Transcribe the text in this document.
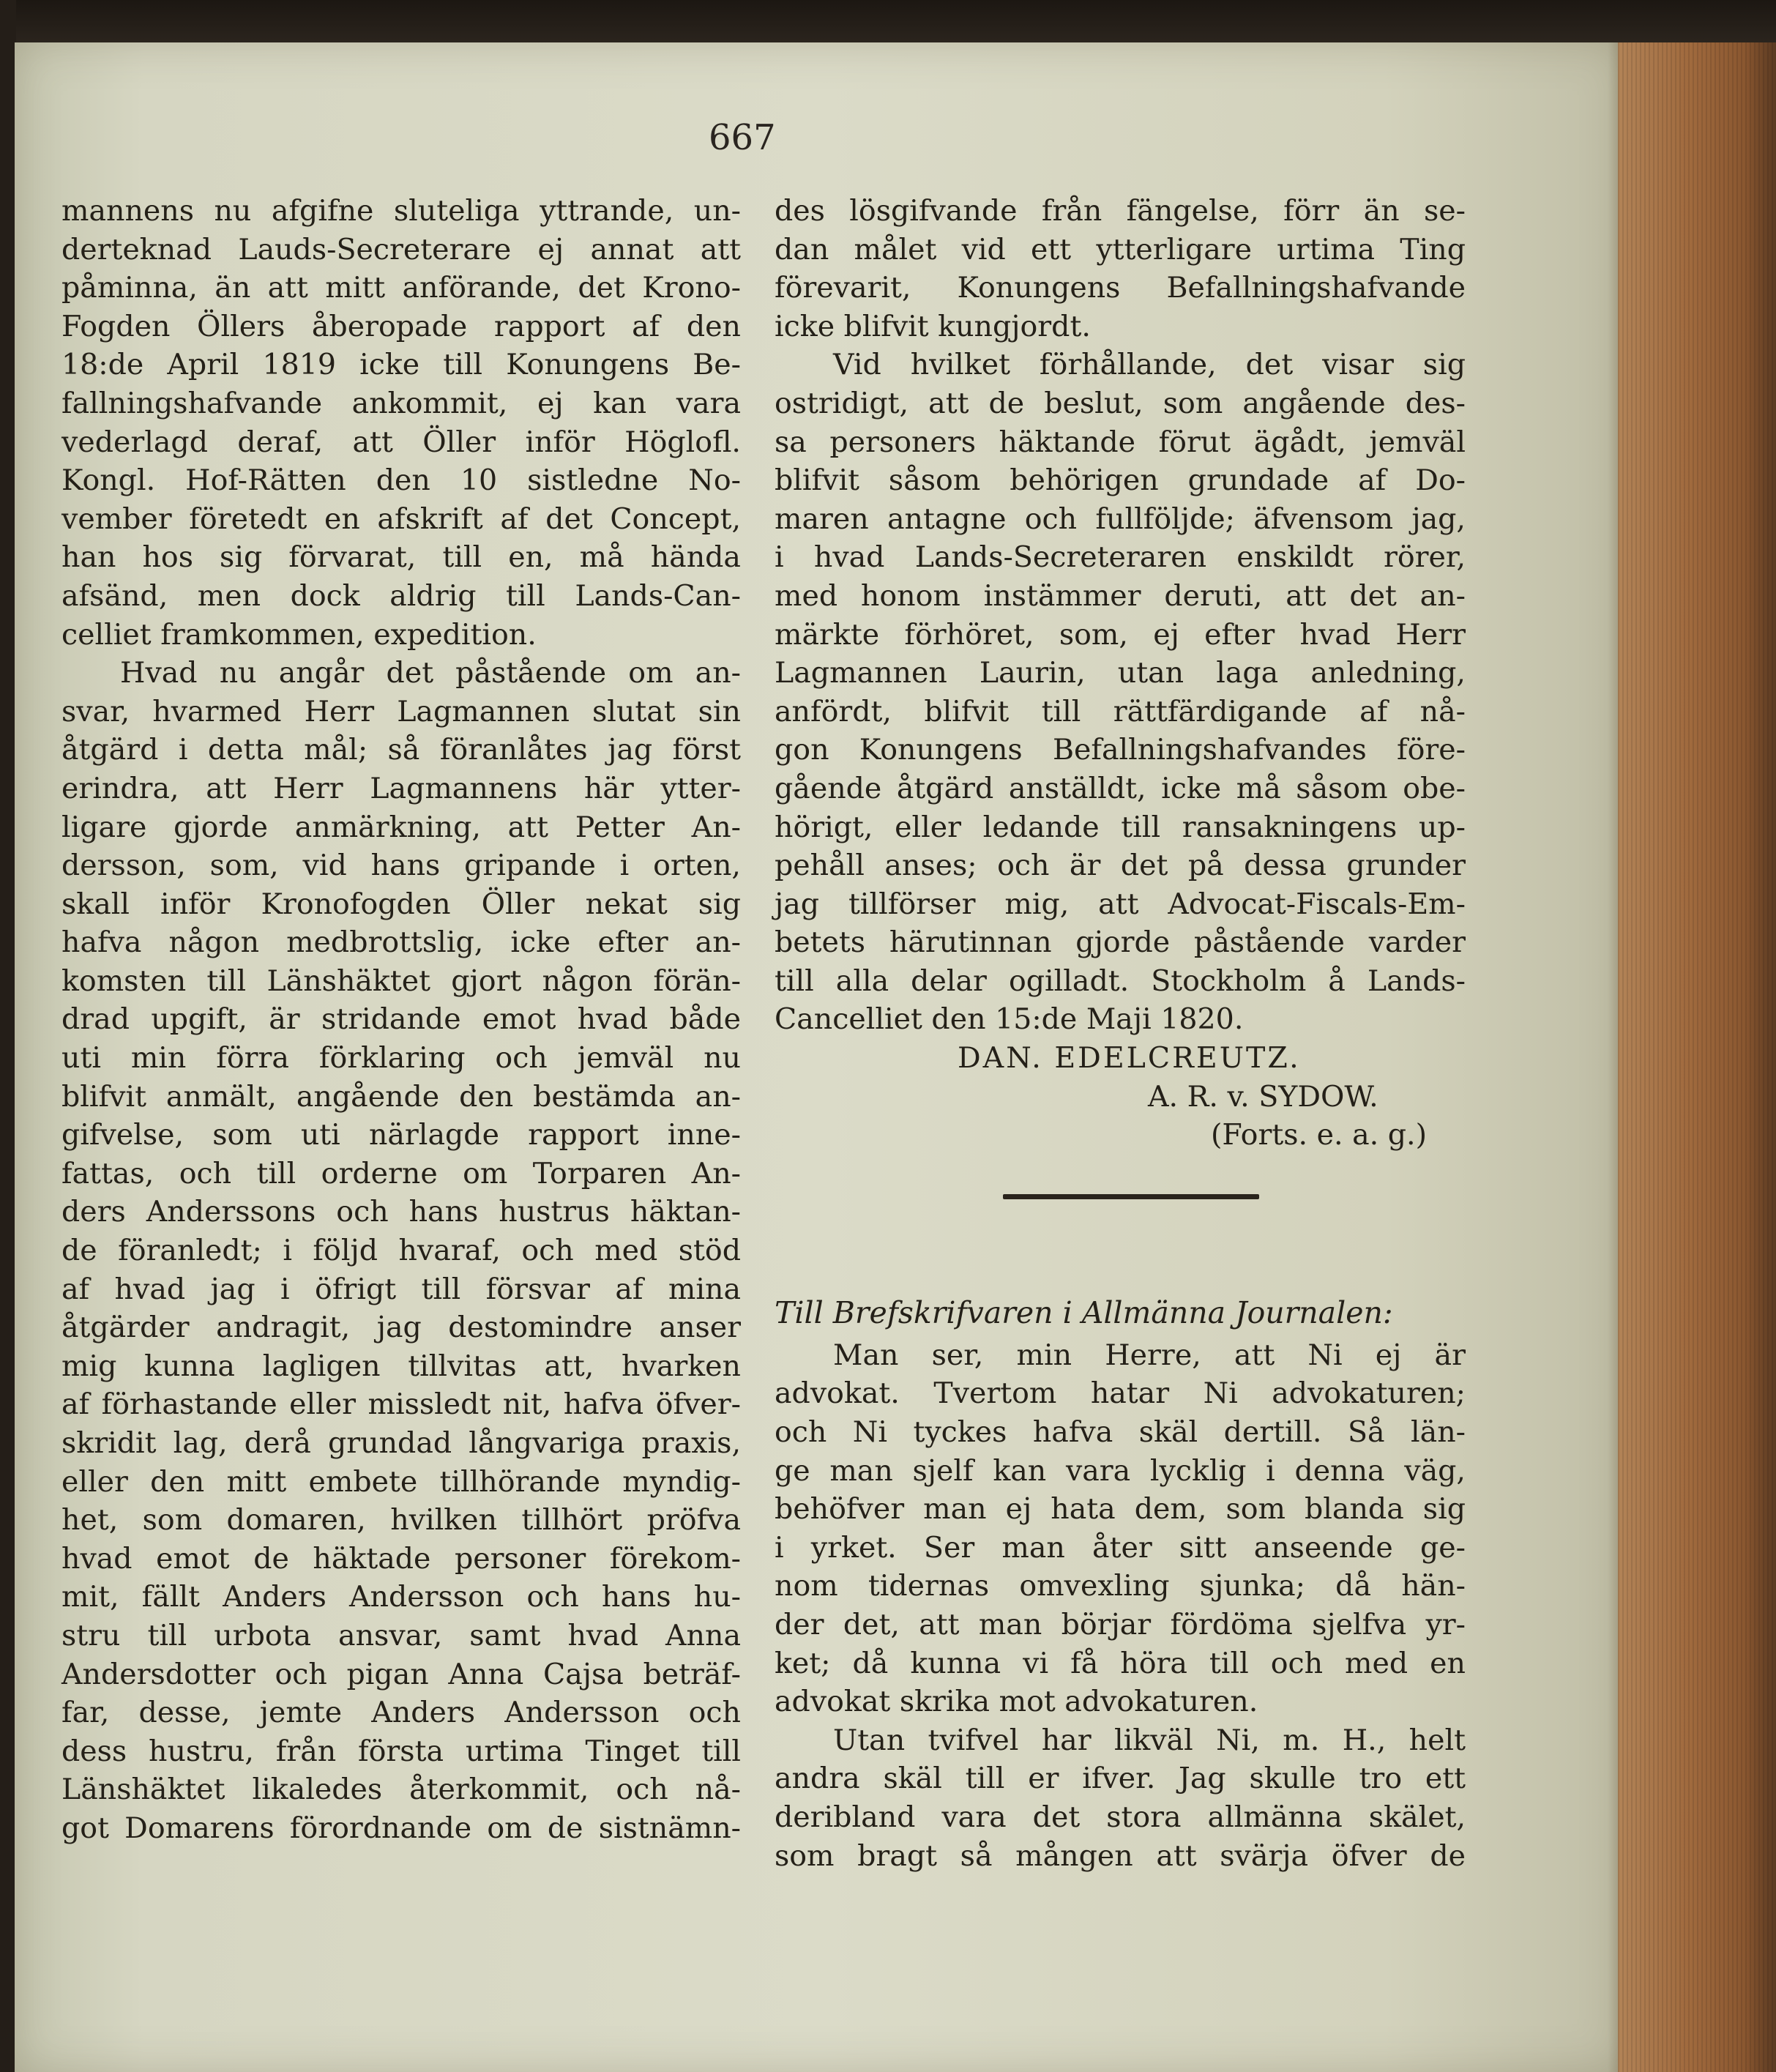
667
mannens nu afgifne sluteliga yttrande, un-
derteknad Lauds-Secreterare ej annat att
påminna, än att mitt anförande, det Krono-
Fogden Öllers åberopade rapport af den
18:de April 1819 icke till Konungens Be-
fallningshafvande ankommit, ej kan vara
vederlagd deraf, att Öller inför Höglofl.
Kongl. Hof-Rätten den 10 sistledne No-
vember företedt en afskrift af det Concept,
han hos sig förvarat, till en, må hända
afsänd, men dock aldrig till Lands-Can-
celliet framkommen, expedition.
Hvad nu angår det påstående om an-
svar, hvarmed Herr Lagmannen slutat sin
åtgärd i detta mål; så föranlåtes jag först
erindra, att Herr Lagmannens här ytter-
ligare gjorde anmärkning, att Petter An-
dersson, som, vid hans gripande i orten,
skall inför Kronofogden Öller nekat sig
hafva någon medbrottslig, icke efter an-
komsten till Länshäktet gjort någon förän-
drad upgift, är stridande emot hvad både
uti min förra förklaring och jemväl nu
blifvit anmält, angående den bestämda an-
gifvelse, som uti närlagde rapport inne-
fattas, och till orderne om Torparen An-
ders Anderssons och hans hustrus häktan-
de föranledt; i följd hvaraf, och med stöd
af hvad jag i öfrigt till försvar af mina
åtgärder andragit, jag destomindre anser
mig kunna lagligen tillvitas att, hvarken
af förhastande eller missledt nit, hafva öfver-
skridit lag, derå grundad långvariga praxis,
eller den mitt embete tillhörande myndig-
het, som domaren, hvilken tillhört pröfva
hvad emot de häktade personer förekom-
mit, fällt Anders Andersson och hans hu-
stru till urbota ansvar, samt hvad Anna
Andersdotter och pigan Anna Cajsa beträf-
far, desse, jemte Anders Andersson och
dess hustru, från första urtima Tinget till
Länshäktet likaledes återkommit, och nå-
got Domarens förordnande om de sistnämn-
des lösgifvande från fängelse, förr än se-
dan målet vid ett ytterligare urtima Ting
förevarit, Konungens Befallningshafvande
icke blifvit kungjordt.
Vid hvilket förhållande, det visar sig
ostridigt, att de beslut, som angående des-
sa personers häktande förut ägådt, jemväl
blifvit såsom behörigen grundade af Do-
maren antagne och fullföljde; äfvensom jag,
i hvad Lands-Secreteraren enskildt rörer,
med honom instämmer deruti, att det an-
märkte förhöret, som, ej efter hvad Herr
Lagmannen Laurin, utan laga anledning,
anfördt, blifvit till rättfärdigande af nå-
gon Konungens Befallningshafvandes före-
gående åtgärd anställdt, icke må såsom obe-
hörigt, eller ledande till ransakningens up-
pehåll anses; och är det på dessa grunder
jag tillförser mig, att Advocat-Fiscals-Em-
betets härutinnan gjorde påstående varder
till alla delar ogilladt. Stockholm å Lands-
Cancelliet den 15:de Maji 1820.
DAN. EDELCREUTZ.
A. R. v. SYDOW.
(Forts. e. a. g.)
Till Brefskrifvaren i Allmänna Journalen:
Man ser, min Herre, att Ni ej är
advokat. Tvertom hatar Ni advokaturen;
och Ni tyckes hafva skäl dertill. Så län-
ge man sjelf kan vara lycklig i denna väg,
behöfver man ej hata dem, som blanda sig
i yrket. Ser man åter sitt anseende ge-
nom tidernas omvexling sjunka; då hän-
der det, att man börjar fördöma sjelfva yr-
ket; då kunna vi få höra till och med en
advokat skrika mot advokaturen.
Utan tvifvel har likväl Ni, m. H., helt
andra skäl till er ifver. Jag skulle tro ett
deribland vara det stora allmänna skälet,
som bragt så mången att svärja öfver de
